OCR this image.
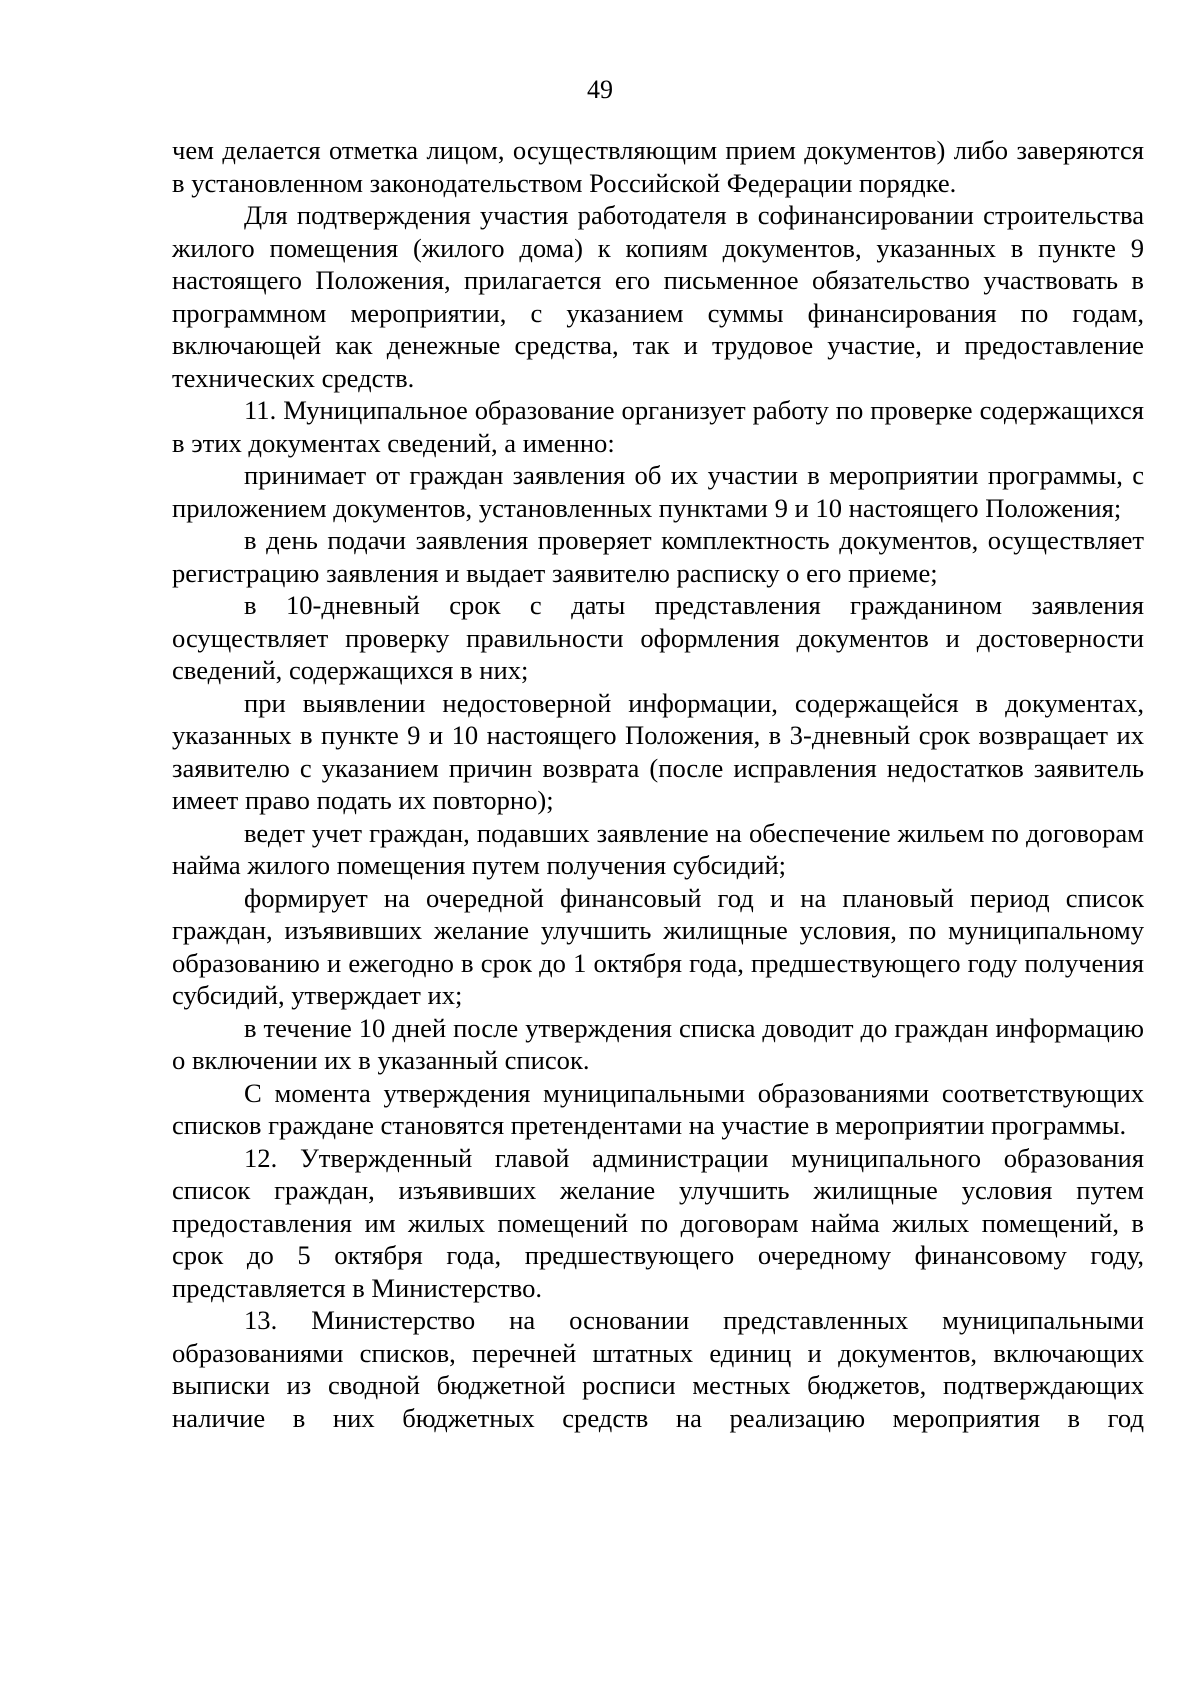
49

чем делается отметка лицом, осуществляющим прием документов) либо заверяются в установленном законодательством Российской Федерации порядке.

Для подтверждения участия работодателя в софинансировании строительства жилого помещения (жилого дома) к копиям документов, указанных в пункте 9 настоящего Положения, прилагается его письменное обязательство участвовать в программном мероприятии, с указанием суммы финансирования по годам, включающей как денежные средства, так и трудовое участие, и предоставление технических средств.

11. Муниципальное образование организует работу по проверке содержащихся в этих документах сведений, а именно:

принимает от граждан заявления об их участии в мероприятии программы, с приложением документов, установленных пунктами 9 и 10 настоящего Положения;

в день подачи заявления проверяет комплектность документов, осуществляет регистрацию заявления и выдает заявителю расписку о его приеме;

в 10-дневный срок с даты представления гражданином заявления осуществляет проверку правильности оформления документов и достоверности сведений, содержащихся в них;

при выявлении недостоверной информации, содержащейся в документах, указанных в пункте 9 и 10 настоящего Положения, в 3-дневный срок возвращает их заявителю с указанием причин возврата (после исправления недостатков заявитель имеет право подать их повторно);

ведет учет граждан, подавших заявление на обеспечение жильем по договорам найма жилого помещения путем получения субсидий;

формирует на очередной финансовый год и на плановый период список граждан, изъявивших желание улучшить жилищные условия, по муниципальному образованию и ежегодно в срок до 1 октября года, предшествующего году получения субсидий, утверждает их;

в течение 10 дней после утверждения списка доводит до граждан информацию о включении их в указанный список.

С момента утверждения муниципальными образованиями соответствующих списков граждане становятся претендентами на участие в мероприятии программы.

12. Утвержденный главой администрации муниципального образования список граждан, изъявивших желание улучшить жилищные условия путем предоставления им жилых помещений по договорам найма жилых помещений, в срок до 5 октября года, предшествующего очередному финансовому году, представляется в Министерство.

13. Министерство на основании представленных муниципальными образованиями списков, перечней штатных единиц и документов, включающих выписки из сводной бюджетной росписи местных бюджетов, подтверждающих наличие в них бюджетных средств на реализацию мероприятия в год
